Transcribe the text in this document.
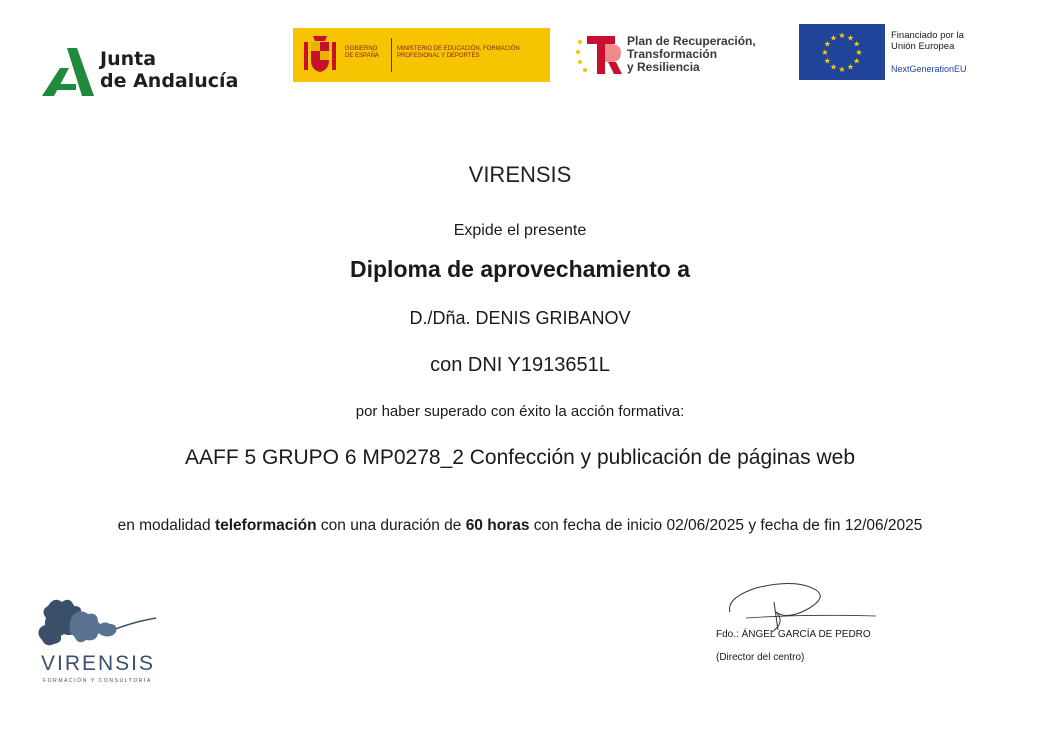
Junta
de Andalucía
GOBIERNO DE ESPAÑA
MINISTERIO DE EDUCACIÓN, FORMACIÓN PROFESIONAL Y DEPORTES
Plan de Recuperación,
Transformación
y Resiliencia
★
★
★
★
★
★
★
★
★ ★ ★
★
Financiado por la
Unión Europea
NextGenerationEU
VIRENSIS
Expide el presente
Diploma de aprovechamiento a
D./Dña. DENIS GRIBANOV
con DNI Y1913651L
por haber superado con éxito la acción formativa:
AAFF 5 GRUPO 6 MP0278_2 Confección y publicación de páginas web
en modalidad teleformación con una duración de 60 horas con fecha de inicio 02/06/2025 y fecha de fin 12/06/2025
VIRENSIS
FORMACIÓN Y CONSULTORÍA
Fdo.: ÁNGEL GARCÍA DE PEDRO
(Director del centro)
